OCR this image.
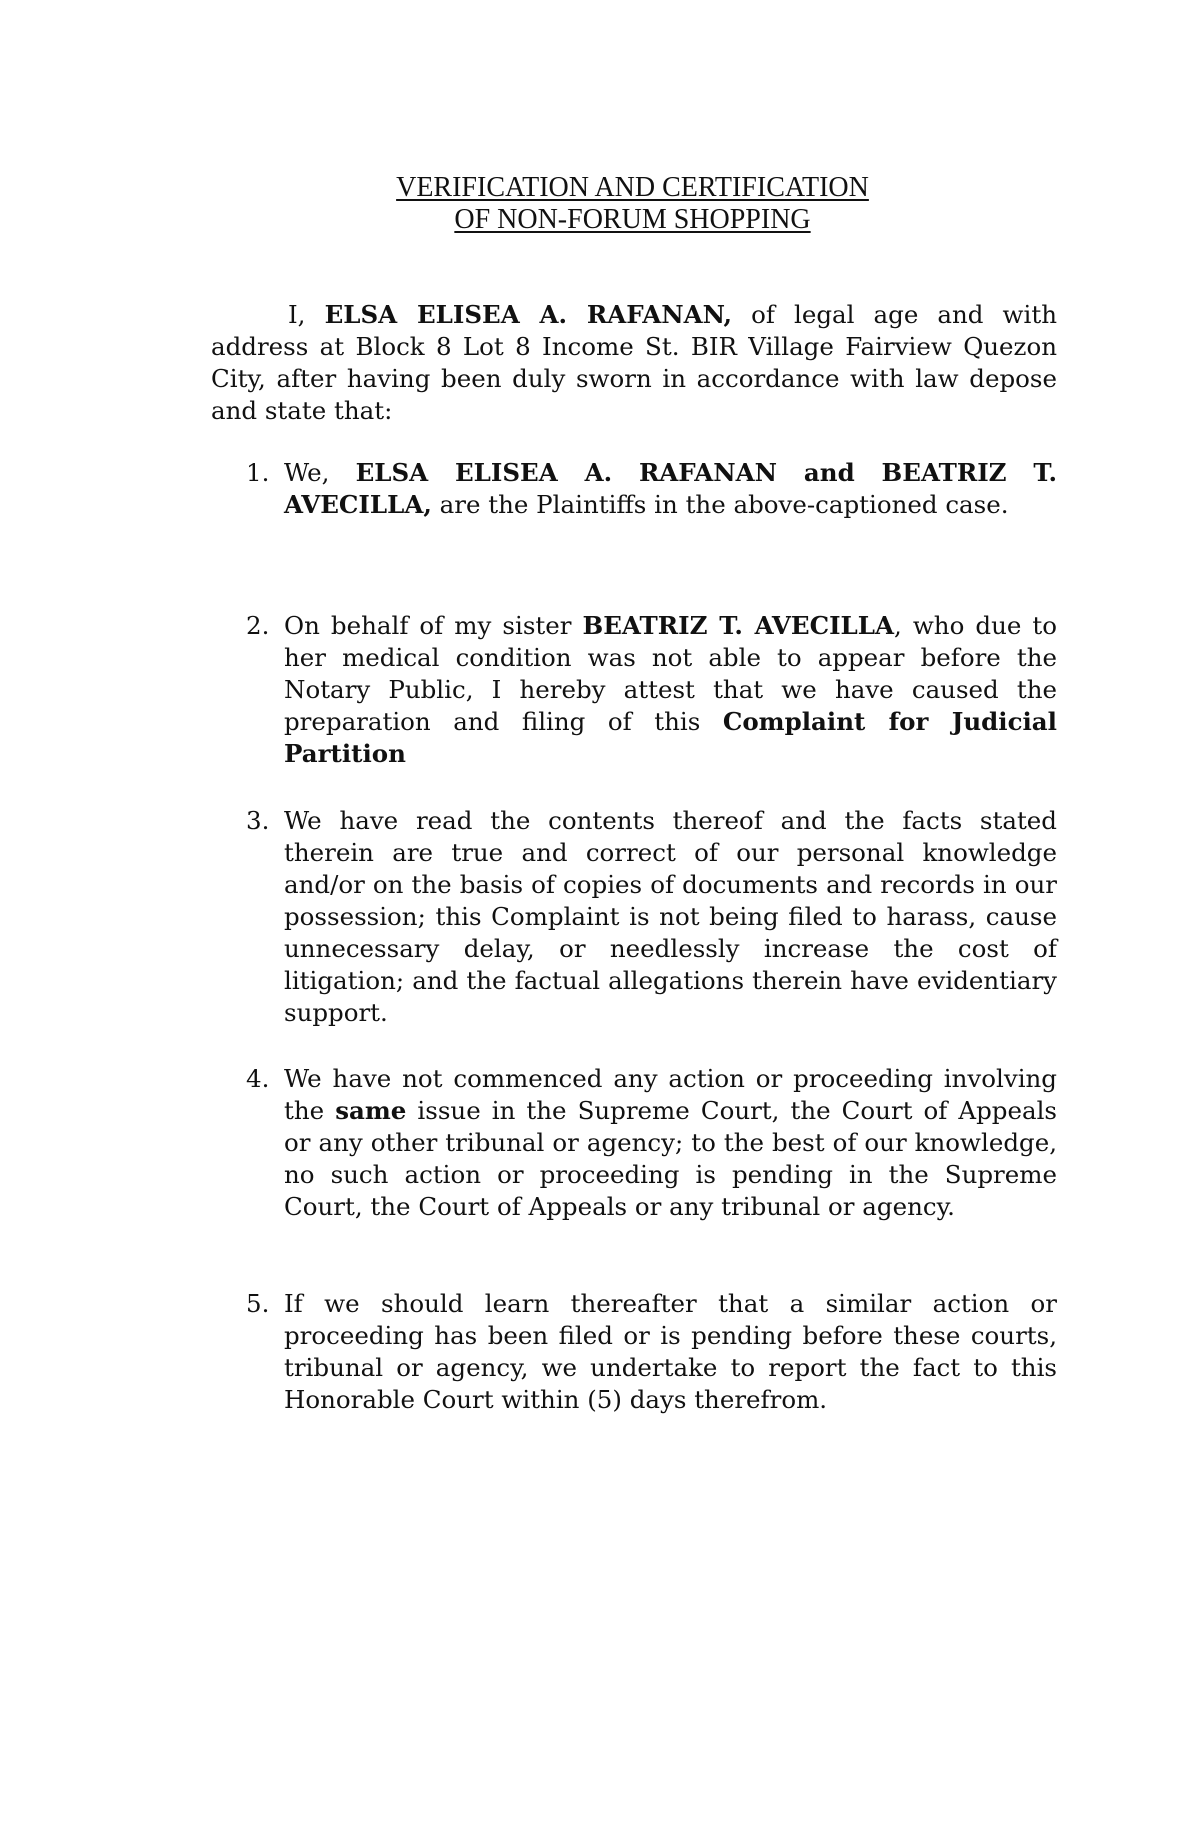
VERIFICATION AND CERTIFICATION
OF NON-FORUM SHOPPING

I, ELSA ELISEA A. RAFANAN, of legal age and with address at Block 8 Lot 8 Income St. BIR Village Fairview Quezon City, after having been duly sworn in accordance with law depose and state that:

1. We, ELSA ELISEA A. RAFANAN and BEATRIZ T. AVECILLA, are the Plaintiffs in the above-captioned case.

2. On behalf of my sister BEATRIZ T. AVECILLA, who due to her medical condition was not able to appear before the Notary Public, I hereby attest that we have caused the preparation and filing of this Complaint for Judicial Partition

3. We have read the contents thereof and the facts stated therein are true and correct of our personal knowledge and/or on the basis of copies of documents and records in our possession; this Complaint is not being filed to harass, cause unnecessary delay, or needlessly increase the cost of litigation; and the factual allegations therein have evidentiary support.

4. We have not commenced any action or proceeding involving the same issue in the Supreme Court, the Court of Appeals or any other tribunal or agency; to the best of our knowledge, no such action or proceeding is pending in the Supreme Court, the Court of Appeals or any tribunal or agency.

5. If we should learn thereafter that a similar action or proceeding has been filed or is pending before these courts, tribunal or agency, we undertake to report the fact to this Honorable Court within (5) days therefrom.
